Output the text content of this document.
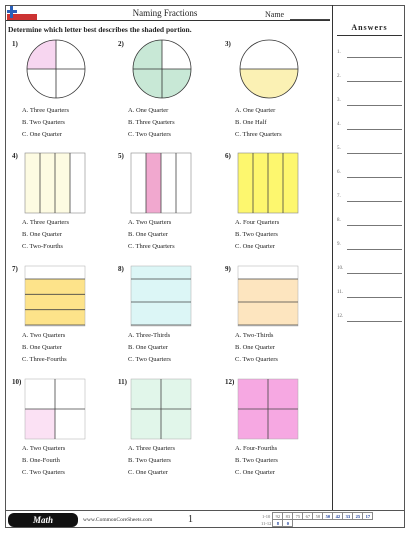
Naming Fractions	Name
Determine which letter best describes the shaded portion.	Answers
1.
2.
3.
4.
5.
6.
7.
8.
9.
10.
11.
12.
1)
A. Three Quarters
B. Two Quarters
C. One Quarter
2)
A. One Quarter
B. Three Quarters
C. Two Quarters
3)
A. One Quarter
B. One Half
C. Three Quarters
4)
A. Three Quarters
B. One Quarter
C. Two-Fourths
5)
A. Two Quarters
B. One Quarter
C. Three Quarters
6)
A. Four Quarters
B. Two Quarters
C. One Quarter
7)
A. Two Quarters
B. One Quarter
C. Three-Fourths
8)
A. Three-Thirds
B. One Quarter
C. Two Quarters
9)
A. Two-Thirds
B. One Quarter
C. Two Quarters
10)
A. Two Quarters
B. One-Fourth
C. Two Quarters
11)
A. Three Quarters
B. Two Quarters
C. One Quarter
12)
A. Four-Fourths
B. Two Quarters
C. One Quarter
Math	www.CommonCoreSheets.com	1	1-10	92	83	75	67	58	50	42	33	25	17
11-12	8	0								
